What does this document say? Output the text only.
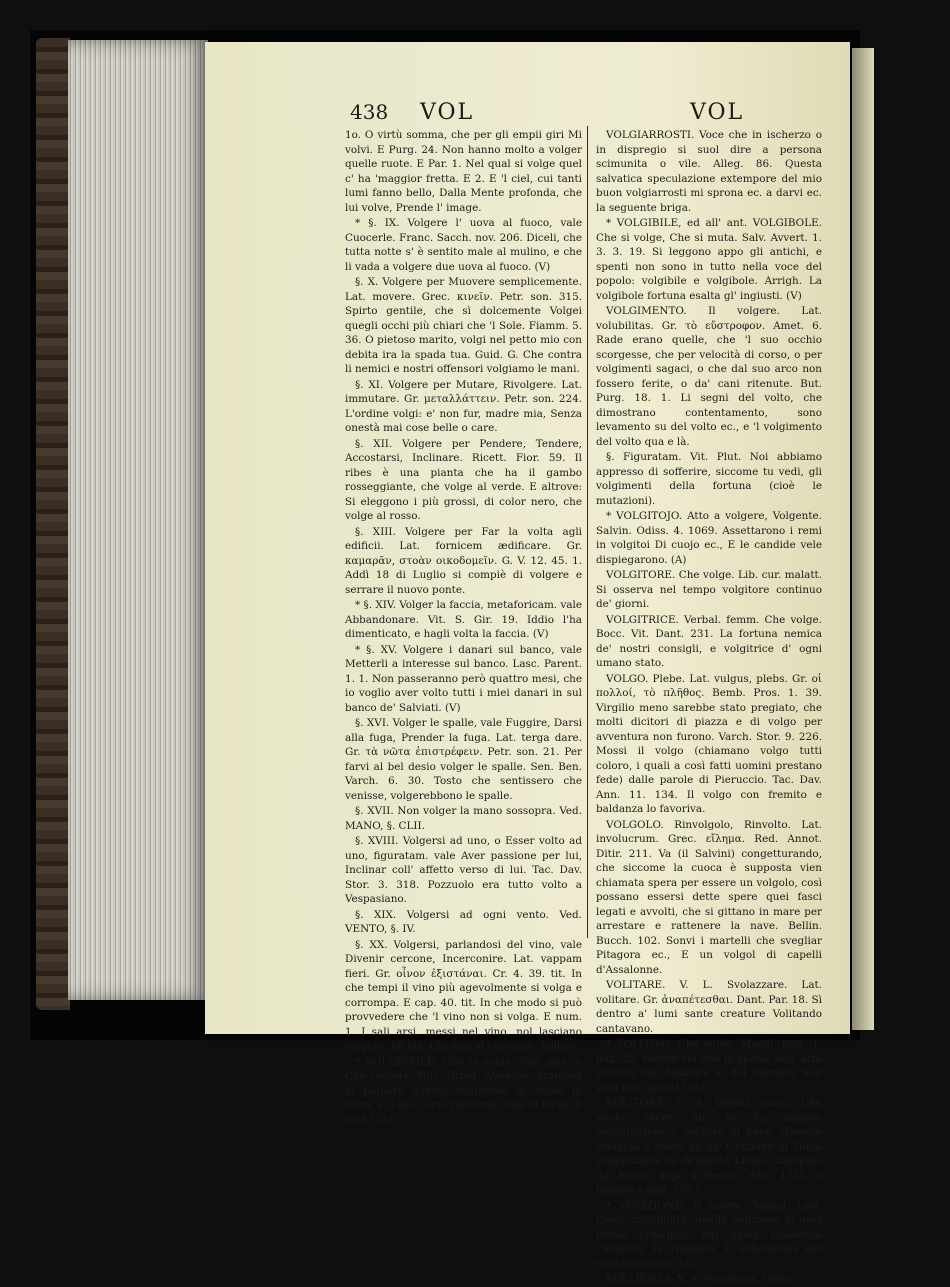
438 VOL	VOL

1o. O virtù somma, che per gli empii giri Mi volvi. E Purg. 24. Non hanno molto a volger quelle ruote. E Par. 1. Nel qual si volge quel c' ha 'maggior fretta. E 2. E 'l ciel, cui tanti lumi fanno bello, Dalla Mente profonda, che lui volve, Prende l' image.

* §. IX. Volgere l' uova al fuoco, vale Cuocerle. Franc. Sacch. nov. 206. Diceli, che tutta notte s' è sentito male al mulino, e che li vada a volgere due uova al fuoco. (V)

§. X. Volgere per Muovere semplicemente. Lat. movere. Grec. κινεῖν. Petr. son. 315. Spirto gentile, che sì dolcemente Volgei quegli occhi più chiari che 'l Sole. Fiamm. 5. 36. O pietoso marito, volgi nel petto mio con debita ira la spada tua. Guid. G. Che contra li nemici e nostri offensori volgiamo le mani.

§. XI. Volgere per Mutare, Rivolgere. Lat. immutare. Gr. μεταλλάττειν. Petr. son. 224. L'ordine volgi: e' non fur, madre mia, Senza onestà mai cose belle o care.

§. XII. Volgere per Pendere, Tendere, Accostarsi, Inclinare. Ricett. Fior. 59. Il ribes è una pianta che ha il gambo rosseggiante, che volge al verde. E altrove: Si eleggono i più grossi, di color nero, che volge al rosso.

§. XIII. Volgere per Far la volta agli edificii. Lat. fornicem ædificare. Gr. καμαρᾶν, στοὰν οικοδομεῖν. G. V. 12. 45. 1. Addì 18 di Luglio si compiè di volgere e serrare il nuovo ponte.

* §. XIV. Volger la faccia, metaforicam. vale Abbandonare. Vit. S. Gir. 19. Iddio l'ha dimenticato, e hagli volta la faccia. (V)

* §. XV. Volgere i danari sul banco, vale Metterli a interesse sul banco. Lasc. Parent. 1. 1. Non passeranno però quattro mesi, che io voglio aver volto tutti i miei danari in sul banco de' Salviati. (V)

§. XVI. Volger le spalle, vale Fuggire, Darsi alla fuga, Prender la fuga. Lat. terga dare. Gr. τὰ νῶτα ἐπιστρέφειν. Petr. son. 21. Per farvi al bel desio volger le spalle. Sen. Ben. Varch. 6. 30. Tosto che sentissero che venisse, volgerebbono le spalle.

§. XVII. Non volger la mano sossopra. Ved. MANO, §. CLII.

§. XVIII. Volgersi ad uno, o Esser volto ad uno, figuratam. vale Aver passione per lui, Inclinar coll' affetto verso di lui. Tac. Dav. Stor. 3. 318. Pozzuolo era tutto volto a Vespasiano.

§. XIX. Volgersi ad ogni vento. Ved. VENTO, §. IV.

§. XX. Volgersi, parlandosi del vino, vale Divenir cercone, Incerconire. Lat. vappam fieri. Gr. οἶνον ἐξιστάναι. Cr. 4. 39. tit. In che tempi il vino più agevolmente si volga e corrompa. E cap. 40. tit. In che modo si può provvedere che 'l vino non si volga. E num. 1. I sali arsi, messi nel vino, nol lasciano volgere, nè più, che non si conviene, bollire.

* VOLGEVOLE. Che si volge, Che gira, o Che ruotola. Pulc. Driad. Atalante, bramosa di palpare questo volgevole, si chinò in terra, e 'l suo corso rattenne. (Qui in forza di sust.) (A)

VOLGIARROSTI. Voce che in ischerzo o in dispregio si suol dire a persona scimunita o vile. Alleg. 86. Questa salvatica speculazione extempore del mio buon volgiarrosti mi sprona ec. a darvi ec. la seguente briga.

* VOLGIBILE, ed all' ant. VOLGIBOLE. Che si volge, Che si muta. Salv. Avvert. 1. 3. 3. 19. Si leggono appo gli antichi, e spenti non sono in tutto nella voce del popolo: volgibile e volgibole. Arrigh. La volgibole fortuna esalta gl' ingiusti. (V)

VOLGIMENTO. Il volgere. Lat. volubilitas. Gr. τὸ εὔστροφον. Amet. 6. Rade erano quelle, che 'l suo occhio scorgesse, che per velocità di corso, o per volgimenti sagaci, o che dal suo arco non fossero ferite, o da' cani ritenute. But. Purg. 18. 1. Li segni del volto, che dimostrano contentamento, sono levamento su del volto ec., e 'l volgimento del volto qua e là.

§. Figuratam. Vit. Plut. Noi abbiamo appresso di sofferire, siccome tu vedi, gli volgimenti della fortuna (cioè le mutazioni).

* VOLGITOJO. Atto a volgere, Volgente. Salvin. Odiss. 4. 1069. Assettarono i remi in volgitoi Di cuojo ec., E le candide vele dispiegarono. (A)

VOLGITORE. Che volge. Lib. cur. malatt. Si osserva nel tempo volgitore continuo de' giorni.

VOLGITRICE. Verbal. femm. Che volge. Bocc. Vit. Dant. 231. La fortuna nemica de' nostri consigli, e volgitrice d' ogni umano stato.

VOLGO. Plebe. Lat. vulgus, plebs. Gr. οἱ πολλοί, τὸ πλῆθος. Bemb. Pros. 1. 39. Virgilio meno sarebbe stato pregiato, che molti dicitori di piazza e di volgo per avventura non furono. Varch. Stor. 9. 226. Mossi il volgo (chiamano volgo tutti coloro, i quali a così fatti uomini prestano fede) dalle parole di Pieruccio. Tac. Dav. Ann. 11. 134. Il volgo con fremito e baldanza lo favoriva.

VOLGOLO. Rinvolgolo, Rinvolto. Lat. involucrum. Grec. εἴλημα. Red. Annot. Ditir. 211. Va (il Salvini) congetturando, che siccome la cuoca è supposta vien chiamata spera per essere un volgolo, così possano essersi dette spere quei fasci legati e avvolti, che si gittano in mare per arrestare e rattenere la nave. Bellin. Bucch. 102. Sonvi i martelli che svegliar Pitagora ec., E un volgol di capelli d'Assalonne.

VOLITARE. V. L. Svolazzare. Lat. volitare. Gr. ἀναπέτεσθαι. Dant. Par. 18. Sì dentro a' lumi sante creature Volitando cantavano.

* VOLITIVO. Che vuole. Magal. part. 1. lett. 25. Vedete voi che la specie dell' atto volitivo del desinare e del dormire non vien mai ignuda? (A)

VOLITORE. V. A. Verbal. masc. Che vuole. Dicer. div. Io fui sempre consigliatore e volitore di pace. (Questo esempio è tratto da un' Orazione di Tullio volgarizzata da Brunetto Latini, stampato dal Manni dopo il Boezio, ediz. 1735, e leggesi a pag. 177.)

* VOLIZIONE. Il volere. Magal. Lett. Quell' invisibilità, quella volizione di quel primo principio, dal quale riconosco l'artifizio, la visibilità, l' obbedienza del mondo visibile. (A)

VOLLIENZA. V. A. Voglienza, Voglia.
